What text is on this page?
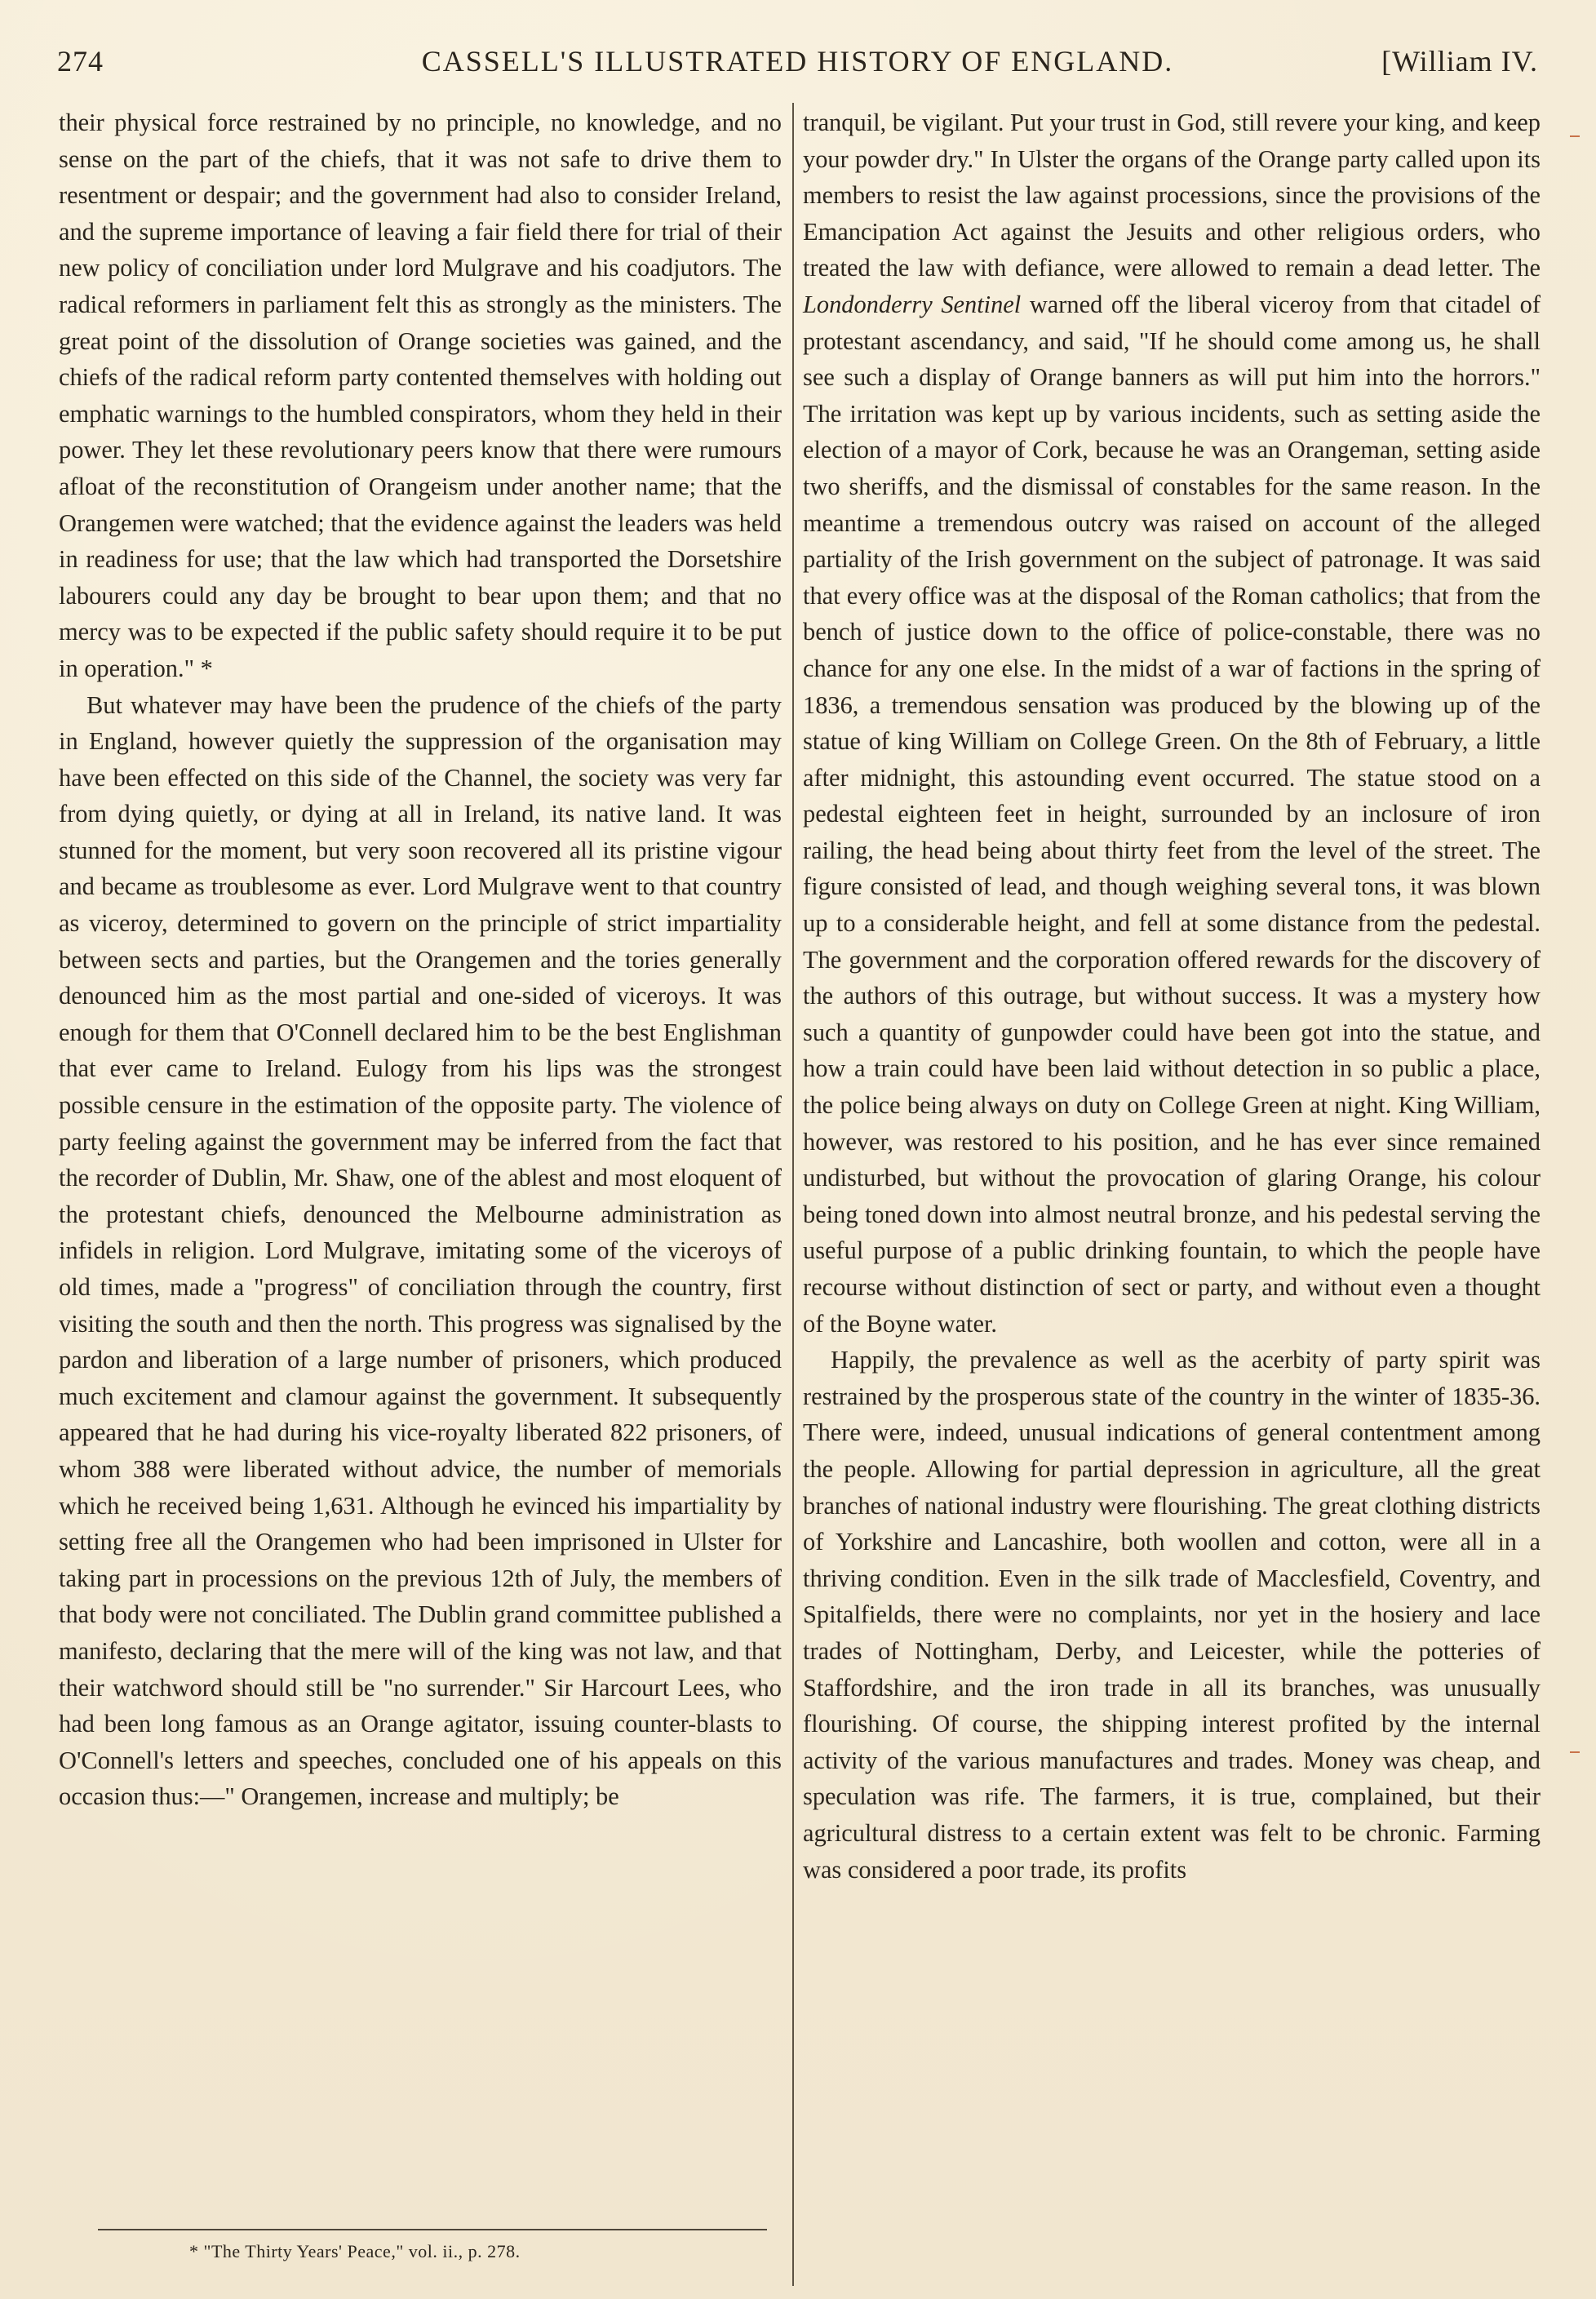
274	CASSELL'S ILLUSTRATED HISTORY OF ENGLAND.	[William IV.

their physical force restrained by no principle, no knowledge, and no sense on the part of the chiefs, that it was not safe to drive them to resentment or despair; and the government had also to consider Ireland, and the supreme importance of leaving a fair field there for trial of their new policy of conciliation under lord Mulgrave and his coadjutors. The radical reformers in parliament felt this as strongly as the ministers. The great point of the dissolution of Orange societies was gained, and the chiefs of the radical reform party contented themselves with holding out emphatic warnings to the humbled conspirators, whom they held in their power. They let these revolutionary peers know that there were rumours afloat of the reconstitution of Orangeism under another name; that the Orangemen were watched; that the evidence against the leaders was held in readiness for use; that the law which had transported the Dorsetshire labourers could any day be brought to bear upon them; and that no mercy was to be expected if the public safety should require it to be put in operation." *

But whatever may have been the prudence of the chiefs of the party in England, however quietly the suppression of the organisation may have been effected on this side of the Channel, the society was very far from dying quietly, or dying at all in Ireland, its native land. It was stunned for the moment, but very soon recovered all its pristine vigour and became as troublesome as ever. Lord Mulgrave went to that country as viceroy, determined to govern on the principle of strict impartiality between sects and parties, but the Orangemen and the tories generally denounced him as the most partial and one-sided of viceroys. It was enough for them that O'Connell declared him to be the best Englishman that ever came to Ireland. Eulogy from his lips was the strongest possible censure in the estimation of the opposite party. The violence of party feeling against the government may be inferred from the fact that the recorder of Dublin, Mr. Shaw, one of the ablest and most eloquent of the protestant chiefs, denounced the Melbourne administration as infidels in religion. Lord Mulgrave, imitating some of the viceroys of old times, made a "progress" of conciliation through the country, first visiting the south and then the north. This progress was signalised by the pardon and liberation of a large number of prisoners, which produced much excitement and clamour against the government. It subsequently appeared that he had during his vice-royalty liberated 822 prisoners, of whom 388 were liberated without advice, the number of memorials which he received being 1,631. Although he evinced his impartiality by setting free all the Orangemen who had been imprisoned in Ulster for taking part in processions on the previous 12th of July, the members of that body were not conciliated. The Dublin grand committee published a manifesto, declaring that the mere will of the king was not law, and that their watchword should still be "no surrender." Sir Harcourt Lees, who had been long famous as an Orange agitator, issuing counter-blasts to O'Connell's letters and speeches, concluded one of his appeals on this occasion thus:—" Orangemen, increase and multiply; be

tranquil, be vigilant. Put your trust in God, still revere your king, and keep your powder dry." In Ulster the organs of the Orange party called upon its members to resist the law against processions, since the provisions of the Emancipation Act against the Jesuits and other religious orders, who treated the law with defiance, were allowed to remain a dead letter. The Londonderry Sentinel warned off the liberal viceroy from that citadel of protestant ascendancy, and said, "If he should come among us, he shall see such a display of Orange banners as will put him into the horrors." The irritation was kept up by various incidents, such as setting aside the election of a mayor of Cork, because he was an Orangeman, setting aside two sheriffs, and the dismissal of constables for the same reason. In the meantime a tremendous outcry was raised on account of the alleged partiality of the Irish government on the subject of patronage. It was said that every office was at the disposal of the Roman catholics; that from the bench of justice down to the office of police-constable, there was no chance for any one else. In the midst of a war of factions in the spring of 1836, a tremendous sensation was produced by the blowing up of the statue of king William on College Green. On the 8th of February, a little after midnight, this astounding event occurred. The statue stood on a pedestal eighteen feet in height, surrounded by an inclosure of iron railing, the head being about thirty feet from the level of the street. The figure consisted of lead, and though weighing several tons, it was blown up to a considerable height, and fell at some distance from the pedestal. The government and the corporation offered rewards for the discovery of the authors of this outrage, but without success. It was a mystery how such a quantity of gunpowder could have been got into the statue, and how a train could have been laid without detection in so public a place, the police being always on duty on College Green at night. King William, however, was restored to his position, and he has ever since remained undisturbed, but without the provocation of glaring Orange, his colour being toned down into almost neutral bronze, and his pedestal serving the useful purpose of a public drinking fountain, to which the people have recourse without distinction of sect or party, and without even a thought of the Boyne water.

Happily, the prevalence as well as the acerbity of party spirit was restrained by the prosperous state of the country in the winter of 1835-36. There were, indeed, unusual indications of general contentment among the people. Allowing for partial depression in agriculture, all the great branches of national industry were flourishing. The great clothing districts of Yorkshire and Lancashire, both woollen and cotton, were all in a thriving condition. Even in the silk trade of Macclesfield, Coventry, and Spitalfields, there were no complaints, nor yet in the hosiery and lace trades of Nottingham, Derby, and Leicester, while the potteries of Staffordshire, and the iron trade in all its branches, was unusually flourishing. Of course, the shipping interest profited by the internal activity of the various manufactures and trades. Money was cheap, and speculation was rife. The farmers, it is true, complained, but their agricultural distress to a certain extent was felt to be chronic. Farming was considered a poor trade, its profits

* "The Thirty Years' Peace," vol. ii., p. 278.
